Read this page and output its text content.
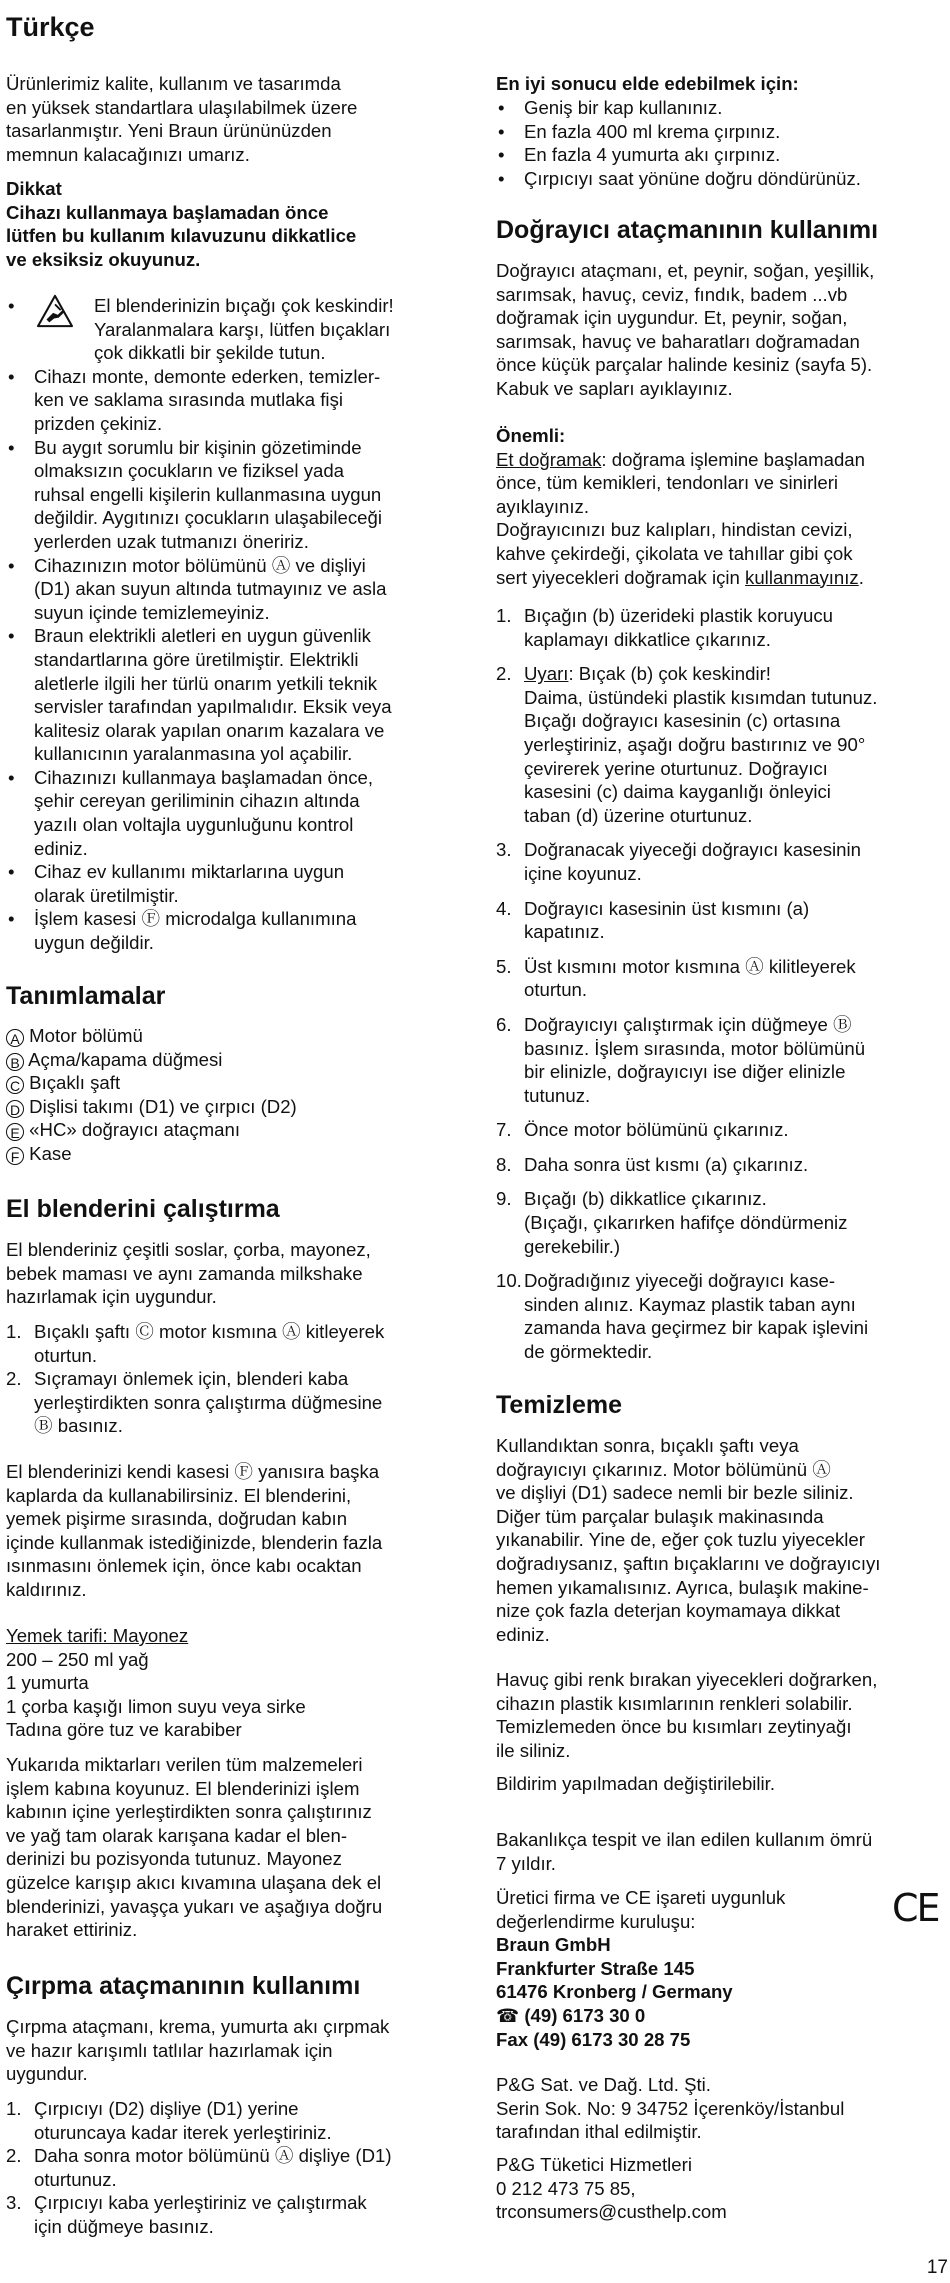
Türkçe

Ürünlerimiz kalite, kullanım ve tasarımda
en yüksek standartlara ulaşılabilmek üzere
tasarlanmıştır. Yeni Braun ürününüzden
memnun kalacağınızı umarız.

Dikkat
Cihazı kullanmaya başlamadan önce
lütfen bu kullanım kılavuzunu dikkatlice
ve eksiksiz okuyunuz.

• El blenderinizin bıçağı çok keskindir!
Yaralanmalara karşı, lütfen bıçakları
çok dikkatli bir şekilde tutun.
• Cihazı monte, demonte ederken, temizler-
ken ve saklama sırasında mutlaka fişi
prizden çekiniz.
• Bu aygıt sorumlu bir kişinin gözetiminde
olmaksızın çocukların ve fiziksel yada
ruhsal engelli kişilerin kullanmasına uygun
değildir. Aygıtınızı çocukların ulaşabileceği
yerlerden uzak tutmanızı öneririz.
• Cihazınızın motor bölümünü Ⓐ ve dişliyi
(D1) akan suyun altında tutmayınız ve asla
suyun içinde temizlemeyiniz.
• Braun elektrikli aletleri en uygun güvenlik
standartlarına göre üretilmiştir. Elektrikli
aletlerle ilgili her türlü onarım yetkili teknik
servisler tarafından yapılmalıdır. Eksik veya
kalitesiz olarak yapılan onarım kazalara ve
kullanıcının yaralanmasına yol açabilir.
• Cihazınızı kullanmaya başlamadan önce,
şehir cereyan geriliminin cihazın altında
yazılı olan voltajla uygunluğunu kontrol
ediniz.
• Cihaz ev kullanımı miktarlarına uygun
olarak üretilmiştir.
• İşlem kasesi Ⓕ microdalga kullanımına
uygun değildir.
Tanımlamalar
A Motor bölümü
B Açma/kapama düğmesi
C Bıçaklı şaft
D Dişlisi takımı (D1) ve çırpıcı (D2)
E «HC» doğrayıcı ataçmanı
F Kase
El blenderini çalıştırma

El blenderiniz çeşitli soslar, çorba, mayonez,
bebek maması ve aynı zamanda milkshake
hazırlamak için uygundur.

1. Bıçaklı şaftı Ⓒ motor kısmına Ⓐ kitleyerek
oturtun.
2. Sıçramayı önlemek için, blenderi kaba
yerleştirdikten sonra çalıştırma düğmesine
Ⓑ basınız.

El blenderinizi kendi kasesi Ⓕ yanısıra başka
kaplarda da kullanabilirsiniz. El blenderini,
yemek pişirme sırasında, doğrudan kabın
içinde kullanmak istediğinizde, blenderin fazla
ısınmasını önlemek için, önce kabı ocaktan
kaldırınız.

Yemek tarifi: Mayonez
200 – 250 ml yağ
1 yumurta
1 çorba kaşığı limon suyu veya sirke
Tadına göre tuz ve karabiber

Yukarıda miktarları verilen tüm malzemeleri
işlem kabına koyunuz. El blenderinizi işlem
kabının içine yerleştirdikten sonra çalıştırınız
ve yağ tam olarak karışana kadar el blen-
derinizi bu pozisyonda tutunuz. Mayonez
güzelce karışıp akıcı kıvamına ulaşana dek el
blenderinizi, yavaşça yukarı ve aşağıya doğru
haraket ettiriniz.

Çırpma ataçmanının kullanımı

Çırpma ataçmanı, krema, yumurta akı çırpmak
ve hazır karışımlı tatlılar hazırlamak için
uygundur.

1. Çırpıcıyı (D2) dişliye (D1) yerine
oturuncaya kadar iterek yerleştiriniz.
2. Daha sonra motor bölümünü Ⓐ dişliye (D1)
oturtunuz.
3. Çırpıcıyı kaba yerleştiriniz ve çalıştırmak
için düğmeye basınız.

En iyi sonucu elde edebilmek için:

• Geniş bir kap kullanınız.
• En fazla 400 ml krema çırpınız.
• En fazla 4 yumurta akı çırpınız.
• Çırpıcıyı saat yönüne doğru döndürünüz.
Doğrayıcı ataçmanının kullanımı

Doğrayıcı ataçmanı, et, peynir, soğan, yeşillik,
sarımsak, havuç, ceviz, fındık, badem ...vb
doğramak için uygundur. Et, peynir, soğan,
sarımsak, havuç ve baharatları doğramadan
önce küçük parçalar halinde kesiniz (sayfa 5).
Kabuk ve sapları ayıklayınız.

Önemli:
Et doğramak: doğrama işlemine başlamadan
önce, tüm kemikleri, tendonları ve sinirleri
ayıklayınız.
Doğrayıcınızı buz kalıpları, hindistan cevizi,
kahve çekirdeği, çikolata ve tahıllar gibi çok
sert yiyecekleri doğramak için kullanmayınız.

1. Bıçağın (b) üzerideki plastik koruyucu
kaplamayı dikkatlice çıkarınız.
2. Uyarı: Bıçak (b) çok keskindir!
Daima, üstündeki plastik kısımdan tutunuz.
Bıçağı doğrayıcı kasesinin (c) ortasına
yerleştiriniz, aşağı doğru bastırınız ve 90°
çevirerek yerine oturtunuz. Doğrayıcı
kasesini (c) daima kayganlığı önleyici
taban (d) üzerine oturtunuz.
3. Doğranacak yiyeceği doğrayıcı kasesinin
içine koyunuz.
4. Doğrayıcı kasesinin üst kısmını (a)
kapatınız.
5. Üst kısmını motor kısmına Ⓐ kilitleyerek
oturtun.
6. Doğrayıcıyı çalıştırmak için düğmeye Ⓑ
basınız. İşlem sırasında, motor bölümünü
bir elinizle, doğrayıcıyı ise diğer elinizle
tutunuz.
7. Önce motor bölümünü çıkarınız.
8. Daha sonra üst kısmı (a) çıkarınız.
9. Bıçağı (b) dikkatlice çıkarınız.
(Bıçağı, çıkarırken hafifçe döndürmeniz
gerekebilir.)
10. Doğradığınız yiyeceği doğrayıcı kase-
sinden alınız. Kaymaz plastik taban aynı
zamanda hava geçirmez bir kapak işlevini
de görmektedir.
Temizleme

Kullandıktan sonra, bıçaklı şaftı veya
doğrayıcıyı çıkarınız. Motor bölümünü Ⓐ
ve dişliyi (D1) sadece nemli bir bezle siliniz.
Diğer tüm parçalar bulaşık makinasında
yıkanabilir. Yine de, eğer çok tuzlu yiyecekler
doğradıysanız, şaftın bıçaklarını ve doğrayıcıyı
hemen yıkamalısınız. Ayrıca, bulaşık makine-
nize çok fazla deterjan koymamaya dikkat
ediniz.

Havuç gibi renk bırakan yiyecekleri doğrarken,
cihazın plastik kısımlarının renkleri solabilir.
Temizlemeden önce bu kısımları zeytinyağı
ile siliniz.

Bildirim yapılmadan değiştirilebilir.

Bakanlıkça tespit ve ilan edilen kullanım ömrü
7 yıldır.

Üretici firma ve CE işareti uygunluk
değerlendirme kuruluşu:
Braun GmbH
Frankfurter Straße 145
61476 Kronberg / Germany
☎ (49) 6173 30 0
Fax (49) 6173 30 28 75

CE

P&G Sat. ve Dağ. Ltd. Şti.
Serin Sok. No: 9 34752 İçerenköy/İstanbul
tarafından ithal edilmiştir.

P&G Tüketici Hizmetleri
0 212 473 75 85,
trconsumers@custhelp.com

17
